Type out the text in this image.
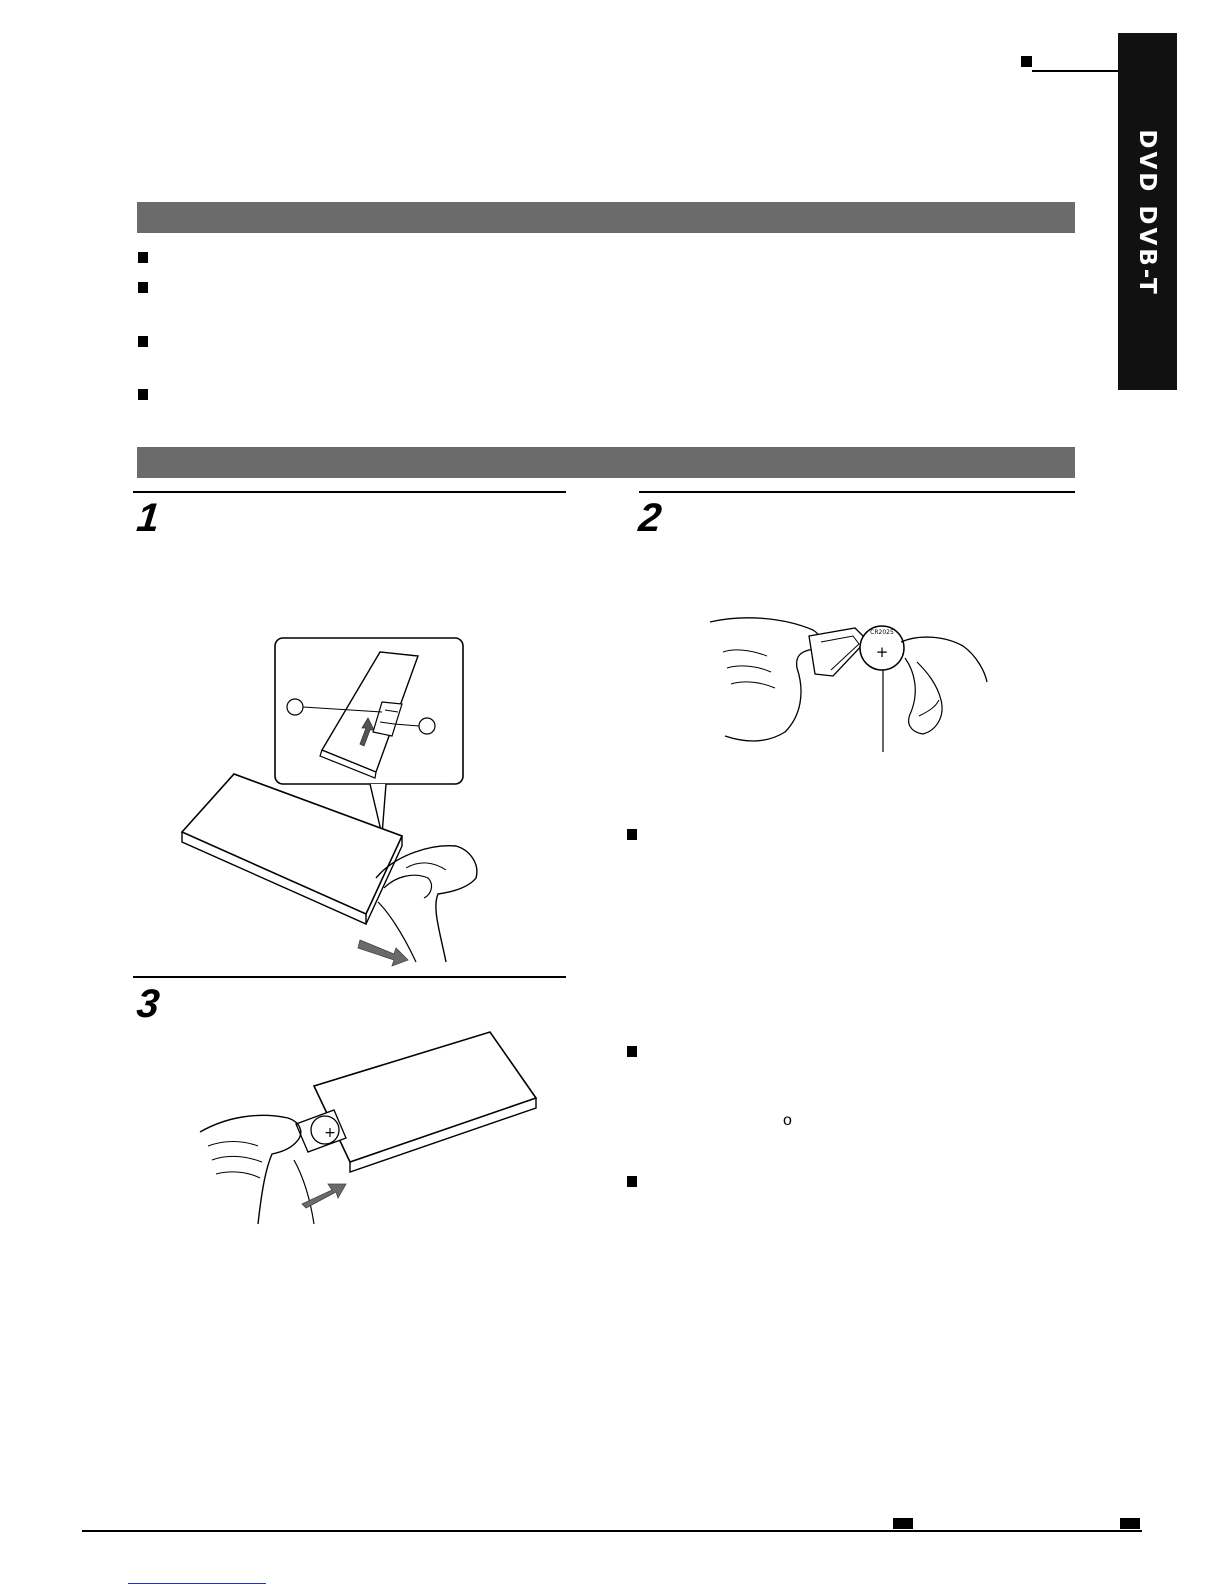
DVD DVB-T
1	2
3
CR2025
+
+
o
